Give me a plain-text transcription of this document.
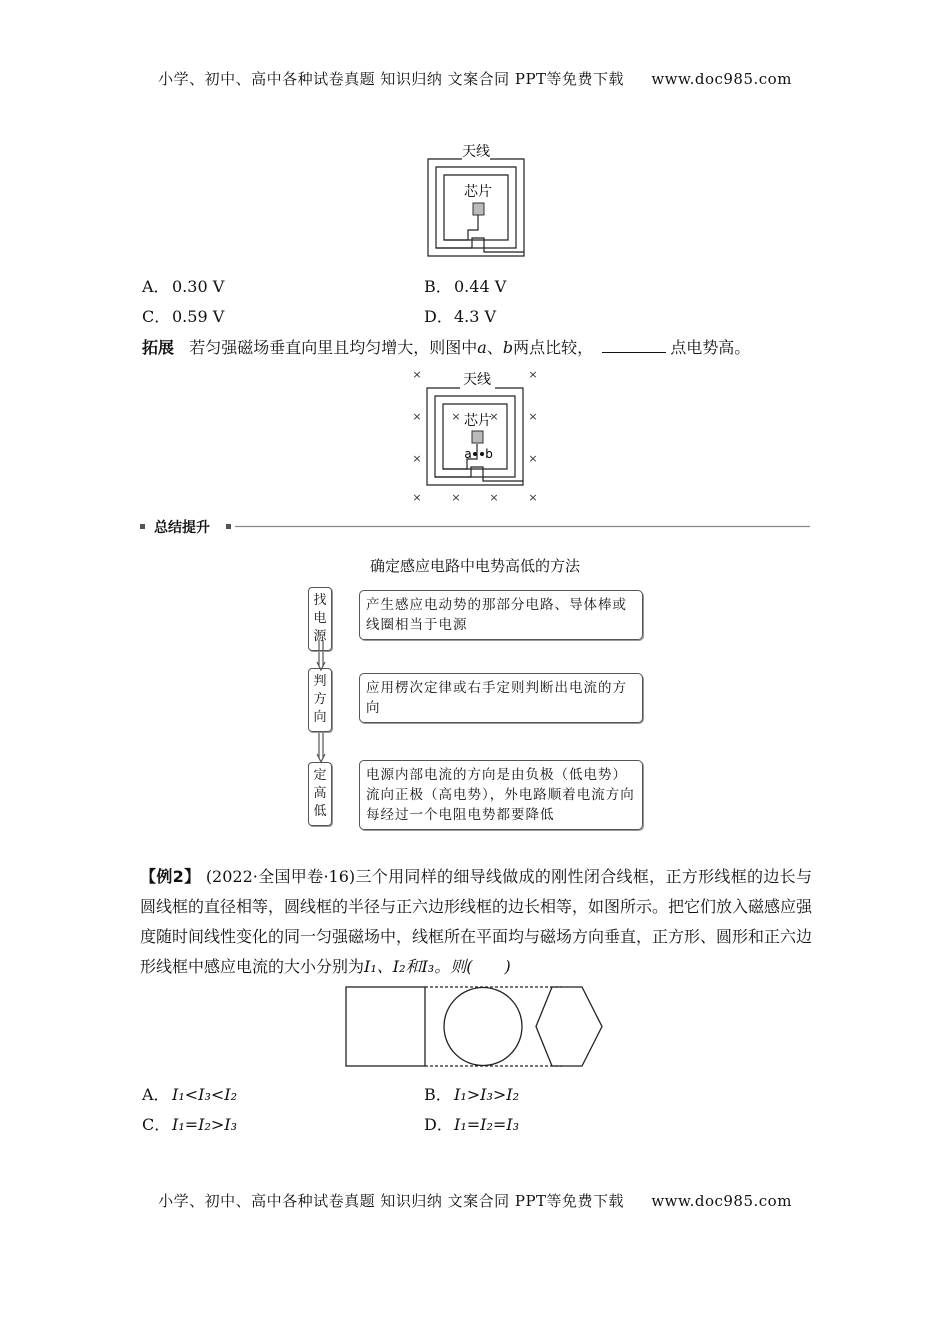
小学、初中、高中各种试卷真题 知识归纳 文案合同 PPT等免费下载 www.doc985.com
天线
芯片
A． 0.30 V	B． 0.44 V
C． 0.59 V	D．4.3 V
拓展 若匀强磁场垂直向里且均匀增大，则图中a、b两点比较，	点电势高。
×	×
×	×
×	×
×	×	×	×
×	×
天线
芯片
a b
总结提升
确定感应电路中电势高低的方法
找电源
产生感应电动势的那部分电路、导体棒或线圈相当于电源
判方向
应用楞次定律或右手定则判断出电流的方向
定高低
电源内部电流的方向是由负极（低电势）流向正极（高电势），外电路顺着电流方向每经过一个电阻电势都要降低
【例2】 (2022·全国甲卷·16)三个用同样的细导线做成的刚性闭合线框，正方形线框的边长与圆线框的直径相等，圆线框的半径与正六边形线框的边长相等，如图所示。把它们放入磁感应强度随时间线性变化的同一匀强磁场中，线框所在平面均与磁场方向垂直，正方形、圆形和正六边形线框中感应电流的大小分别为I₁、I₂和I₃。则(　　)
A． I₁<I₃<I₂	B． I₁>I₃>I₂
C． I₁=I₂>I₃	D．I₁=I₂=I₃
小学、初中、高中各种试卷真题 知识归纳 文案合同 PPT等免费下载 www.doc985.com
